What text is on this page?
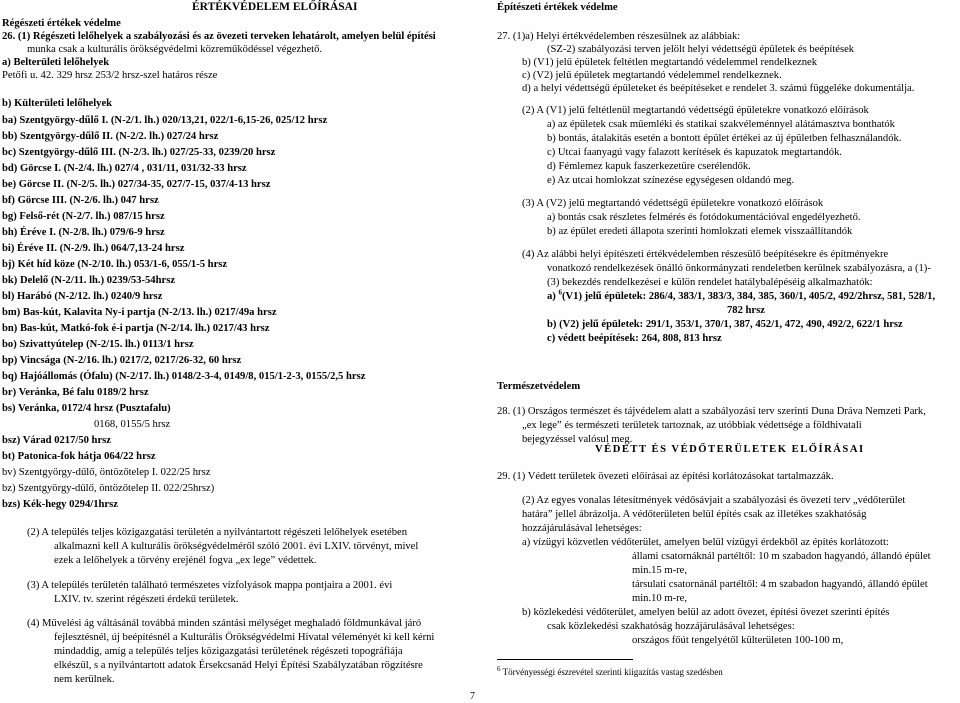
ÉRTÉKVÉDELEM ELŐÍRÁSAI

Régészeti értékek védelme

26. (1) Régészeti lelőhelyek a szabályozási és az övezeti terveken lehatárolt, amelyen belül építési

munka csak a kulturális örökségvédelmi közreműködéssel végezhető.

a) Belterületi lelőhelyek

Petőfi u. 42. 329 hrsz 253/2 hrsz-szel határos része

b) Külterületi lelőhelyek

ba) Szentgyörgy-dűlő I. (N-2/1. lh.) 020/13,21, 022/1-6,15-26, 025/12 hrsz

bb) Szentgyörgy-dűlő II. (N-2/2. lh.) 027/24 hrsz

bc) Szentgyörgy-dűlő III. (N-2/3. lh.) 027/25-33, 0239/20 hrsz

bd) Görcse I. (N-2/4. lh.) 027/4 , 031/11, 031/32-33 hrsz

be) Görcse II. (N-2/5. lh.) 027/34-35, 027/7-15, 037/4-13 hrsz

bf) Görcse III. (N-2/6. lh.) 047 hrsz

bg) Felső-rét (N-2/7. lh.) 087/15 hrsz

bh) Éréve I. (N-2/8. lh.) 079/6-9 hrsz

bi) Éréve II. (N-2/9. lh.) 064/7,13-24 hrsz

bj) Két híd köze (N-2/10. lh.) 053/1-6, 055/1-5 hrsz

bk) Delelő (N-2/11. lh.) 0239/53-54hrsz

bl) Harábó (N-2/12. lh.) 0240/9 hrsz

bm) Bas-kút, Kalavita Ny-i partja (N-2/13. lh.) 0217/49a hrsz

bn) Bas-kút, Matkó-fok é-i partja (N-2/14. lh.) 0217/43 hrsz

bo) Szivattyútelep (N-2/15. lh.) 0113/1 hrsz

bp) Vincsága (N-2/16. lh.) 0217/2, 0217/26-32, 60 hrsz

bq) Hajóállomás (Ófalu) (N-2/17. lh.) 0148/2-3-4, 0149/8, 015/1-2-3, 0155/2,5 hrsz

br) Veránka, Bé falu 0189/2 hrsz

bs) Veránka, 0172/4 hrsz (Pusztafalu)

0168, 0155/5 hrsz

bsz) Várad 0217/50 hrsz

bt) Patonica-fok hátja 064/22 hrsz

bv) Szentgyörgy-dűlő, öntözőtelep I. 022/25 hrsz

bz) Szentgyörgy-dűlő, öntözőtelep II. 022/25hrsz)

bzs) Kék-hegy 0294/1hrsz

(2) A település teljes közigazgatási területén a nyilvántartott régészeti lelőhelyek esetében

alkalmazni kell A kulturális örökségvédelméről szóló 2001. évi LXIV. törvényt, mivel

ezek a lelőhelyek a törvény erejénél fogva „ex lege” védettek.

(3) A település területén található természetes vízfolyások mappa pontjaira a 2001. évi

LXIV. tv. szerint régészeti érdekű területek.

(4) Művelési ág váltásánál továbbá minden szántási mélységet meghaladó földmunkával járó

fejlesztésnél, új beépítésnél a Kulturális Örökségvédelmi Hivatal véleményét ki kell kérni

mindaddig, amíg a település teljes közigazgatási területének régészeti topográfiája

elkészül, s a nyilvántartott adatok Érsekcsanád Helyi Építési Szabályzatában rögzítésre

nem kerülnek.

Építészeti értékek védelme

27. (1)a) Helyi értékvédelemben részesülnek az alábbiak:

(SZ-2) szabályozási terven jelölt helyi védettségű épületek és beépítések

b) (V1) jelű épületek feltétlen megtartandó védelemmel rendelkeznek

c) (V2) jelű épületek megtartandó védelemmel rendelkeznek.

d) a helyi védettségű épületeket és beépítéseket e rendelet 3. számú függeléke dokumentálja.

(2) A (V1) jelű feltétlenül megtartandó védettségű épületekre vonatkozó előírások

a) az épületek csak műemléki és statikai szakvéleménnyel alátámasztva bonthatók

b) bontás, átalakítás esetén a bontott épület értékei az új épületben felhasználandók.

c) Utcai faanyagú vagy falazott kerítések és kapuzatok megtartandók.

d) Fémlemez kapuk faszerkezetűre cserélendők.

e) Az utcai homlokzat színezése egységesen oldandó meg.

(3) A (V2) jelű megtartandó védettségű épületekre vonatkozó előírások

a) bontás csak részletes felmérés és fotódokumentációval engedélyezhető.

b) az épület eredeti állapota szerinti homlokzati elemek visszaállítandók

(4) Az alábbi helyi építészeti értékvédelemben részesülő beépítésekre és építményekre

vonatkozó rendelkezések önálló önkormányzati rendeletben kerülnek szabályozásra, a (1)-

(3) bekezdés rendelkezései e külön rendelet hatálybalépéséig alkalmazhatók:

a) $^6$(V1) jelű épületek: 286/4, 383/1, 383/3, 384, 385, 360/1, 405/2, 492/2hrsz, 581, 528/1,

782 hrsz

b) (V2) jelű épületek: 291/1, 353/1, 370/1, 387, 452/1, 472, 490, 492/2, 622/1 hrsz

c) védett beépítések: 264, 808, 813 hrsz

Természetvédelem

28. (1) Országos természet és tájvédelem alatt a szabályozási terv szerinti Duna Dráva Nemzeti Park,

„ex lege” és természeti területek tartoznak, az utóbbiak védettsége a földhivatali

bejegyzéssel valósul meg.

VÉDETT ÉS VÉDŐTERÜLETEK ELŐÍRÁSAI

29. (1) Védett területek övezeti előírásai az építési korlátozásokat tartalmazzák.

(2) Az egyes vonalas létesítmények védősávjait a szabályozási és övezeti terv „védőterület

határa” jellel ábrázolja. A védőterületen belül építés csak az illetékes szakhatóság

hozzájárulásával lehetséges:

a) vízügyi közvetlen védőterület, amelyen belül vízügyi érdekből az építés korlátozott:

állami csatornáknál partéltől: 10 m szabadon hagyandó, állandó épület

min.15 m-re,

társulati csatornánál partéltől: 4 m szabadon hagyandó, állandó épület

min.10 m-re,

b) közlekedési védőterület, amelyen belül az adott övezet, építési övezet szerinti építés

csak közlekedési szakhatóság hozzájárulásával lehetséges:

országos főút tengelyétől külterületen 100-100 m,

$^6$ Törvényességi észrevétel szerinti kiigazítás vastag szedésben

7
